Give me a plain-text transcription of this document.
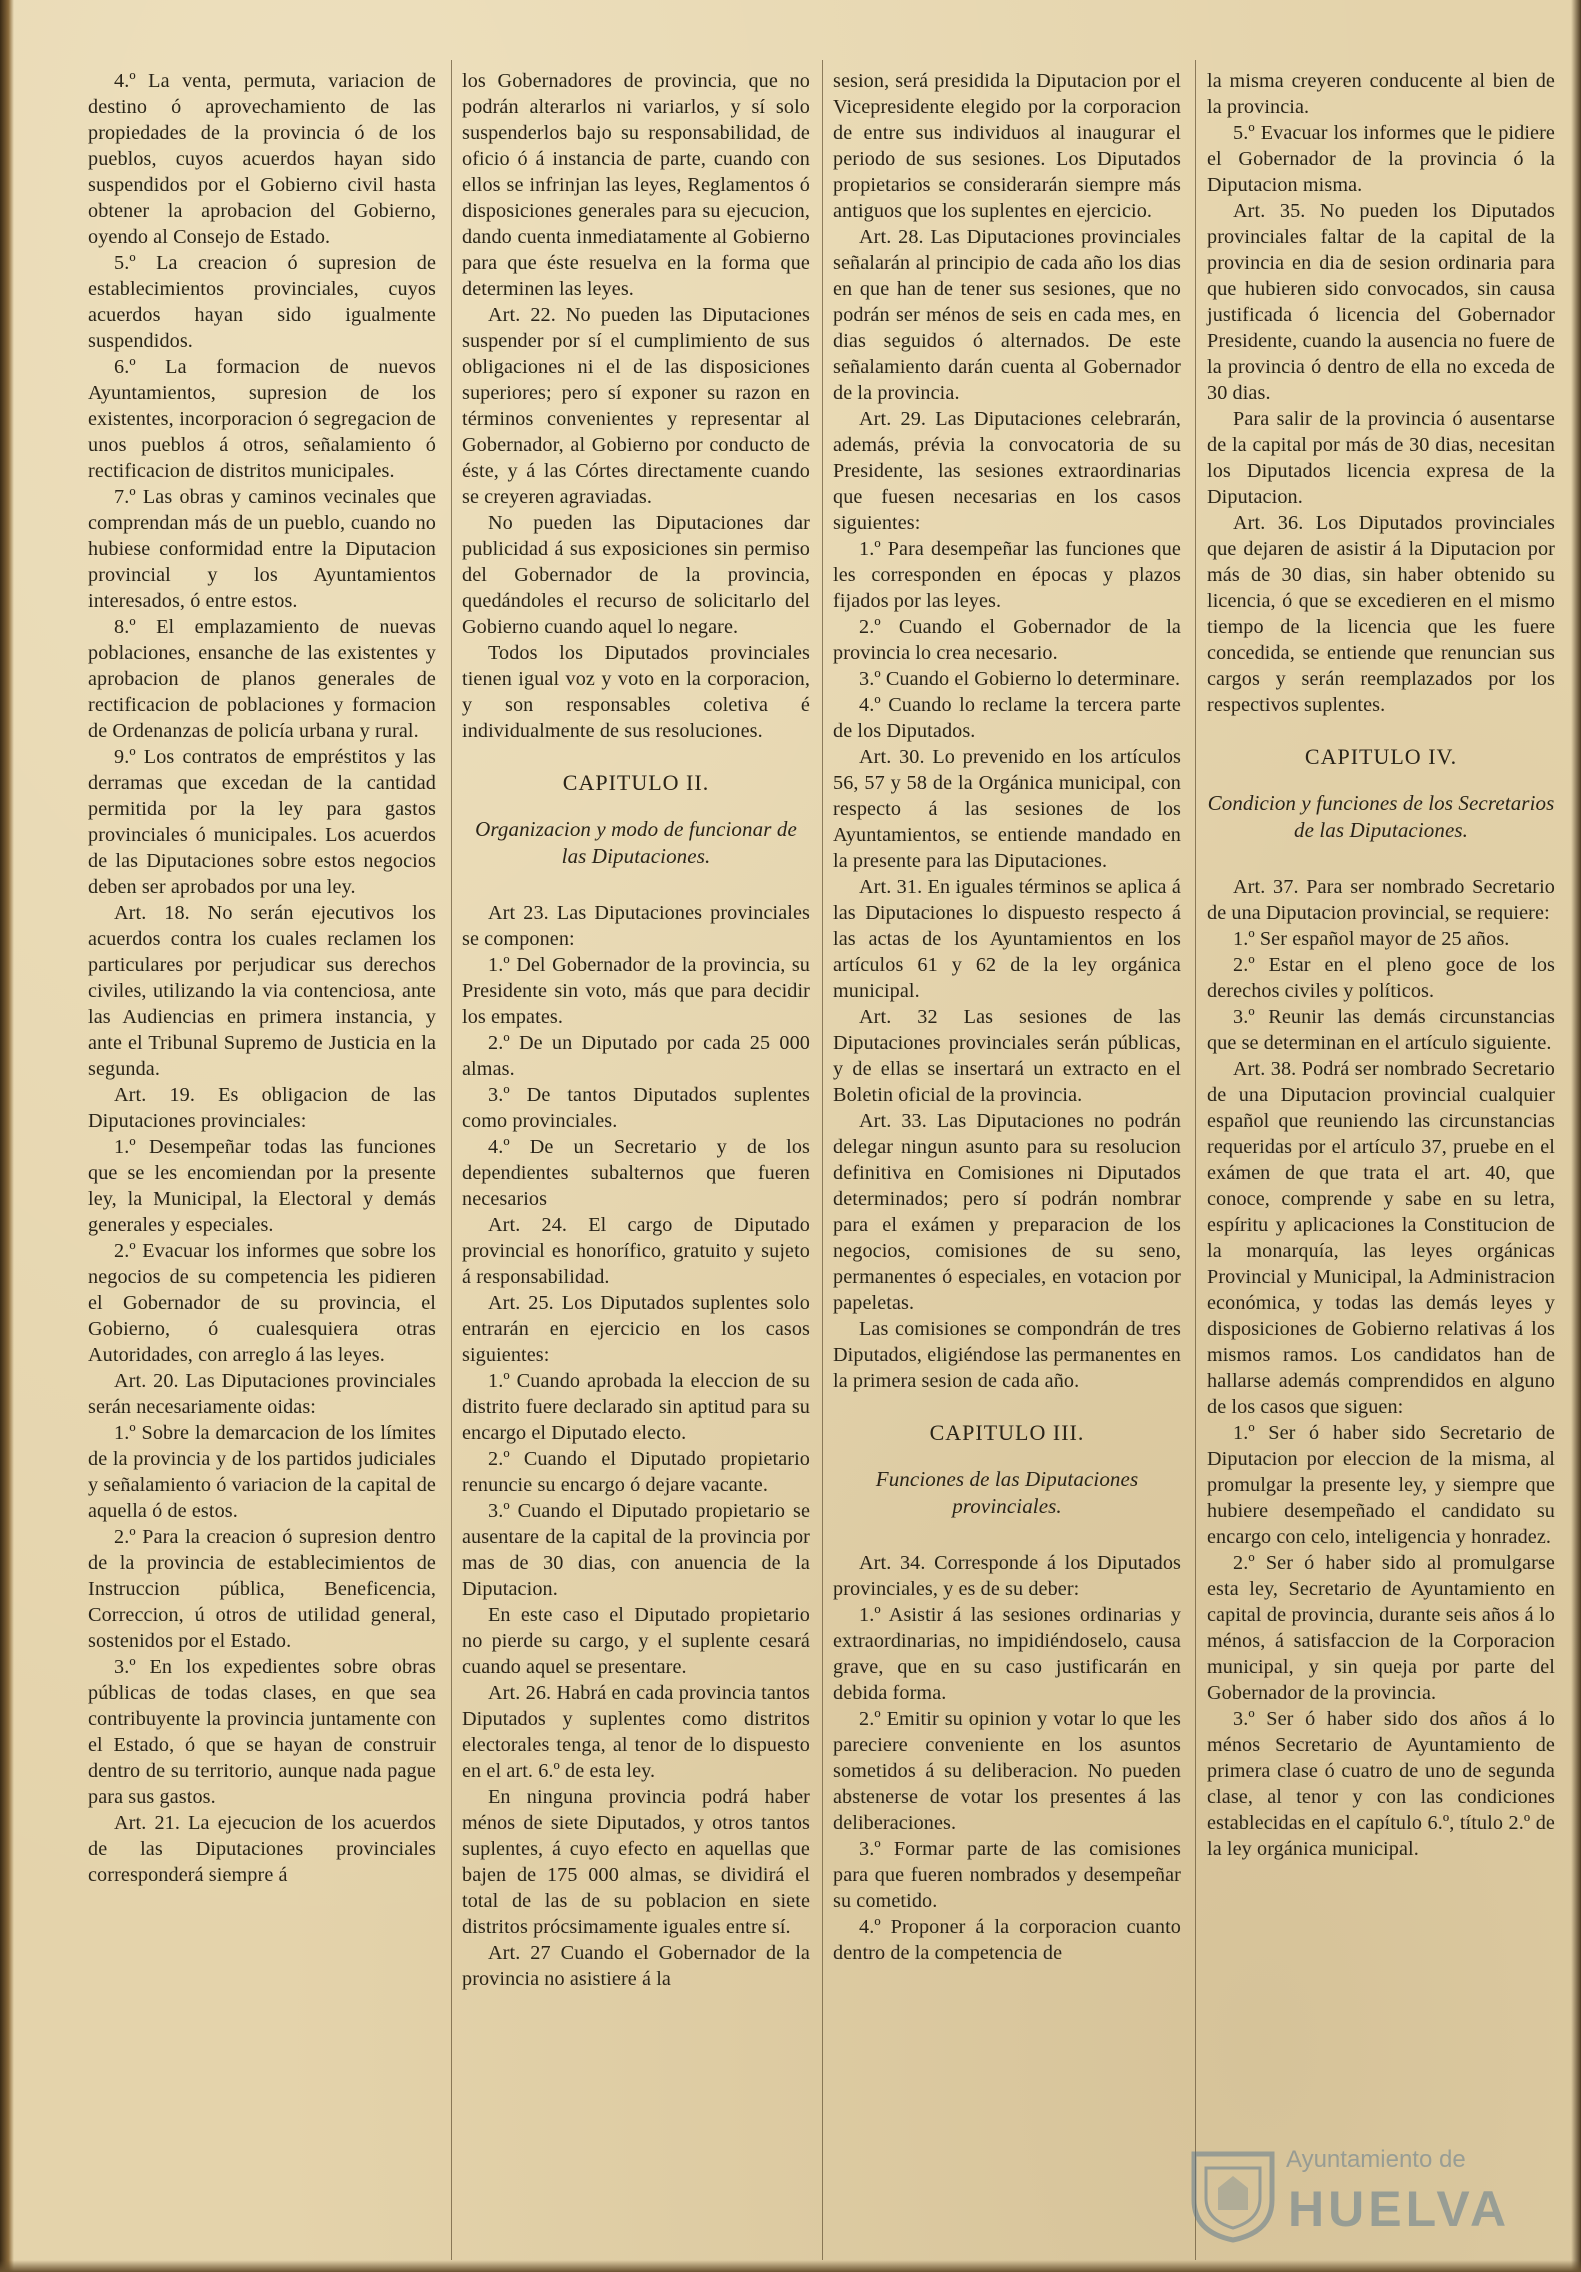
4.º La venta, permuta, variacion de destino ó aprovechamiento de las propiedades de la provincia ó de los pueblos, cuyos acuerdos hayan sido suspendidos por el Gobierno civil hasta obtener la aprobacion del Gobierno, oyendo al Consejo de Estado.

5.º La creacion ó supresion de establecimientos provinciales, cuyos acuerdos hayan sido igualmente suspendidos.

6.º La formacion de nuevos Ayuntamientos, supresion de los existentes, incorporacion ó segregacion de unos pueblos á otros, señalamiento ó rectificacion de distritos municipales.

7.º Las obras y caminos vecinales que comprendan más de un pueblo, cuando no hubiese conformidad entre la Diputacion provincial y los Ayuntamientos interesados, ó entre estos.

8.º El emplazamiento de nuevas poblaciones, ensanche de las existentes y aprobacion de planos generales de rectificacion de poblaciones y formacion de Ordenanzas de policía urbana y rural.

9.º Los contratos de empréstitos y las derramas que excedan de la cantidad permitida por la ley para gastos provinciales ó municipales. Los acuerdos de las Diputaciones sobre estos negocios deben ser aprobados por una ley.

Art. 18. No serán ejecutivos los acuerdos contra los cuales reclamen los particulares por perjudicar sus derechos civiles, utilizando la via contenciosa, ante las Audiencias en primera instancia, y ante el Tribunal Supremo de Justicia en la segunda.

Art. 19. Es obligacion de las Diputaciones provinciales:

1.º Desempeñar todas las funciones que se les encomiendan por la presente ley, la Municipal, la Electoral y demás generales y especiales.

2.º Evacuar los informes que sobre los negocios de su competencia les pidieren el Gobernador de su provincia, el Gobierno, ó cualesquiera otras Autoridades, con arreglo á las leyes.

Art. 20. Las Diputaciones provinciales serán necesariamente oidas:

1.º Sobre la demarcacion de los límites de la provincia y de los partidos judiciales y señalamiento ó variacion de la capital de aquella ó de estos.

2.º Para la creacion ó supresion dentro de la provincia de establecimientos de Instruccion pública, Beneficencia, Correccion, ú otros de utilidad general, sostenidos por el Estado.

3.º En los expedientes sobre obras públicas de todas clases, en que sea contribuyente la provincia juntamente con el Estado, ó que se hayan de construir dentro de su territorio, aunque nada pague para sus gastos.

Art. 21. La ejecucion de los acuerdos de las Diputaciones provinciales corresponderá siempre á

los Gobernadores de provincia, que no podrán alterarlos ni variarlos, y sí solo suspenderlos bajo su responsabilidad, de oficio ó á instancia de parte, cuando con ellos se infrinjan las leyes, Reglamentos ó disposiciones generales para su ejecucion, dando cuenta inmediatamente al Gobierno para que éste resuelva en la forma que determinen las leyes.

Art. 22. No pueden las Diputaciones suspender por sí el cumplimiento de sus obligaciones ni el de las disposiciones superiores; pero sí exponer su razon en términos convenientes y representar al Gobernador, al Gobierno por conducto de éste, y á las Córtes directamente cuando se creyeren agraviadas.

No pueden las Diputaciones dar publicidad á sus exposiciones sin permiso del Gobernador de la provincia, quedándoles el recurso de solicitarlo del Gobierno cuando aquel lo negare.

Todos los Diputados provinciales tienen igual voz y voto en la corporacion, y son responsables coletiva é individualmente de sus resoluciones.

CAPITULO II.
Organizacion y modo de funcionar de las Diputaciones.

Art 23. Las Diputaciones provinciales se componen:

1.º Del Gobernador de la provincia, su Presidente sin voto, más que para decidir los empates.

2.º De un Diputado por cada 25 000 almas.

3.º De tantos Diputados suplentes como provinciales.

4.º De un Secretario y de los dependientes subalternos que fueren necesarios

Art. 24. El cargo de Diputado provincial es honorífico, gratuito y sujeto á responsabilidad.

Art. 25. Los Diputados suplentes solo entrarán en ejercicio en los casos siguientes:

1.º Cuando aprobada la eleccion de su distrito fuere declarado sin aptitud para su encargo el Diputado electo.

2.º Cuando el Diputado propietario renuncie su encargo ó dejare vacante.

3.º Cuando el Diputado propietario se ausentare de la capital de la provincia por mas de 30 dias, con anuencia de la Diputacion.

En este caso el Diputado propietario no pierde su cargo, y el suplente cesará cuando aquel se presentare.

Art. 26. Habrá en cada provincia tantos Diputados y suplentes como distritos electorales tenga, al tenor de lo dispuesto en el art. 6.º de esta ley.

En ninguna provincia podrá haber ménos de siete Diputados, y otros tantos suplentes, á cuyo efecto en aquellas que bajen de 175 000 almas, se dividirá el total de las de su poblacion en siete distritos prócsimamente iguales entre sí.

Art. 27 Cuando el Gobernador de la provincia no asistiere á la

sesion, será presidida la Diputacion por el Vicepresidente elegido por la corporacion de entre sus individuos al inaugurar el periodo de sus sesiones. Los Diputados propietarios se considerarán siempre más antiguos que los suplentes en ejercicio.

Art. 28. Las Diputaciones provinciales señalarán al principio de cada año los dias en que han de tener sus sesiones, que no podrán ser ménos de seis en cada mes, en dias seguidos ó alternados. De este señalamiento darán cuenta al Gobernador de la provincia.

Art. 29. Las Diputaciones celebrarán, además, prévia la convocatoria de su Presidente, las sesiones extraordinarias que fuesen necesarias en los casos siguientes:

1.º Para desempeñar las funciones que les corresponden en épocas y plazos fijados por las leyes.

2.º Cuando el Gobernador de la provincia lo crea necesario.

3.º Cuando el Gobierno lo determinare.

4.º Cuando lo reclame la tercera parte de los Diputados.

Art. 30. Lo prevenido en los artículos 56, 57 y 58 de la Orgánica municipal, con respecto á las sesiones de los Ayuntamientos, se entiende mandado en la presente para las Diputaciones.

Art. 31. En iguales términos se aplica á las Diputaciones lo dispuesto respecto á las actas de los Ayuntamientos en los artículos 61 y 62 de la ley orgánica municipal.

Art. 32 Las sesiones de las Diputaciones provinciales serán públicas, y de ellas se insertará un extracto en el Boletin oficial de la provincia.

Art. 33. Las Diputaciones no podrán delegar ningun asunto para su resolucion definitiva en Comisiones ni Diputados determinados; pero sí podrán nombrar para el exámen y preparacion de los negocios, comisiones de su seno, permanentes ó especiales, en votacion por papeletas.

Las comisiones se compondrán de tres Diputados, eligiéndose las permanentes en la primera sesion de cada año.

CAPITULO III.
Funciones de las Diputaciones provinciales.

Art. 34. Corresponde á los Diputados provinciales, y es de su deber:

1.º Asistir á las sesiones ordinarias y extraordinarias, no impidiéndoselo, causa grave, que en su caso justificarán en debida forma.

2.º Emitir su opinion y votar lo que les pareciere conveniente en los asuntos sometidos á su deliberacion. No pueden abstenerse de votar los presentes á las deliberaciones.

3.º Formar parte de las comisiones para que fueren nombrados y desempeñar su cometido.

4.º Proponer á la corporacion cuanto dentro de la competencia de

la misma creyeren conducente al bien de la provincia.

5.º Evacuar los informes que le pidiere el Gobernador de la provincia ó la Diputacion misma.

Art. 35. No pueden los Diputados provinciales faltar de la capital de la provincia en dia de sesion ordinaria para que hubieren sido convocados, sin causa justificada ó licencia del Gobernador Presidente, cuando la ausencia no fuere de la provincia ó dentro de ella no exceda de 30 dias.

Para salir de la provincia ó ausentarse de la capital por más de 30 dias, necesitan los Diputados licencia expresa de la Diputacion.

Art. 36. Los Diputados provinciales que dejaren de asistir á la Diputacion por más de 30 dias, sin haber obtenido su licencia, ó que se excedieren en el mismo tiempo de la licencia que les fuere concedida, se entiende que renuncian sus cargos y serán reemplazados por los respectivos suplentes.

CAPITULO IV.
Condicion y funciones de los Secretarios de las Diputaciones.

Art. 37. Para ser nombrado Secretario de una Diputacion provincial, se requiere:

1.º Ser español mayor de 25 años.

2.º Estar en el pleno goce de los derechos civiles y políticos.

3.º Reunir las demás circunstancias que se determinan en el artículo siguiente.

Art. 38. Podrá ser nombrado Secretario de una Diputacion provincial cualquier español que reuniendo las circunstancias requeridas por el artículo 37, pruebe en el exámen de que trata el art. 40, que conoce, comprende y sabe en su letra, espíritu y aplicaciones la Constitucion de la monarquía, las leyes orgánicas Provincial y Municipal, la Administracion económica, y todas las demás leyes y disposiciones de Gobierno relativas á los mismos ramos. Los candidatos han de hallarse además comprendidos en alguno de los casos que siguen:

1.º Ser ó haber sido Secretario de Diputacion por eleccion de la misma, al promulgar la presente ley, y siempre que hubiere desempeñado el candidato su encargo con celo, inteligencia y honradez.

2.º Ser ó haber sido al promulgarse esta ley, Secretario de Ayuntamiento en capital de provincia, durante seis años á lo ménos, á satisfaccion de la Corporacion municipal, y sin queja por parte del Gobernador de la provincia.

3.º Ser ó haber sido dos años á lo ménos Secretario de Ayuntamiento de primera clase ó cuatro de uno de segunda clase, al tenor y con las condiciones establecidas en el capítulo 6.º, título 2.º de la ley orgánica municipal.

Ayuntamiento de
HUELVA
